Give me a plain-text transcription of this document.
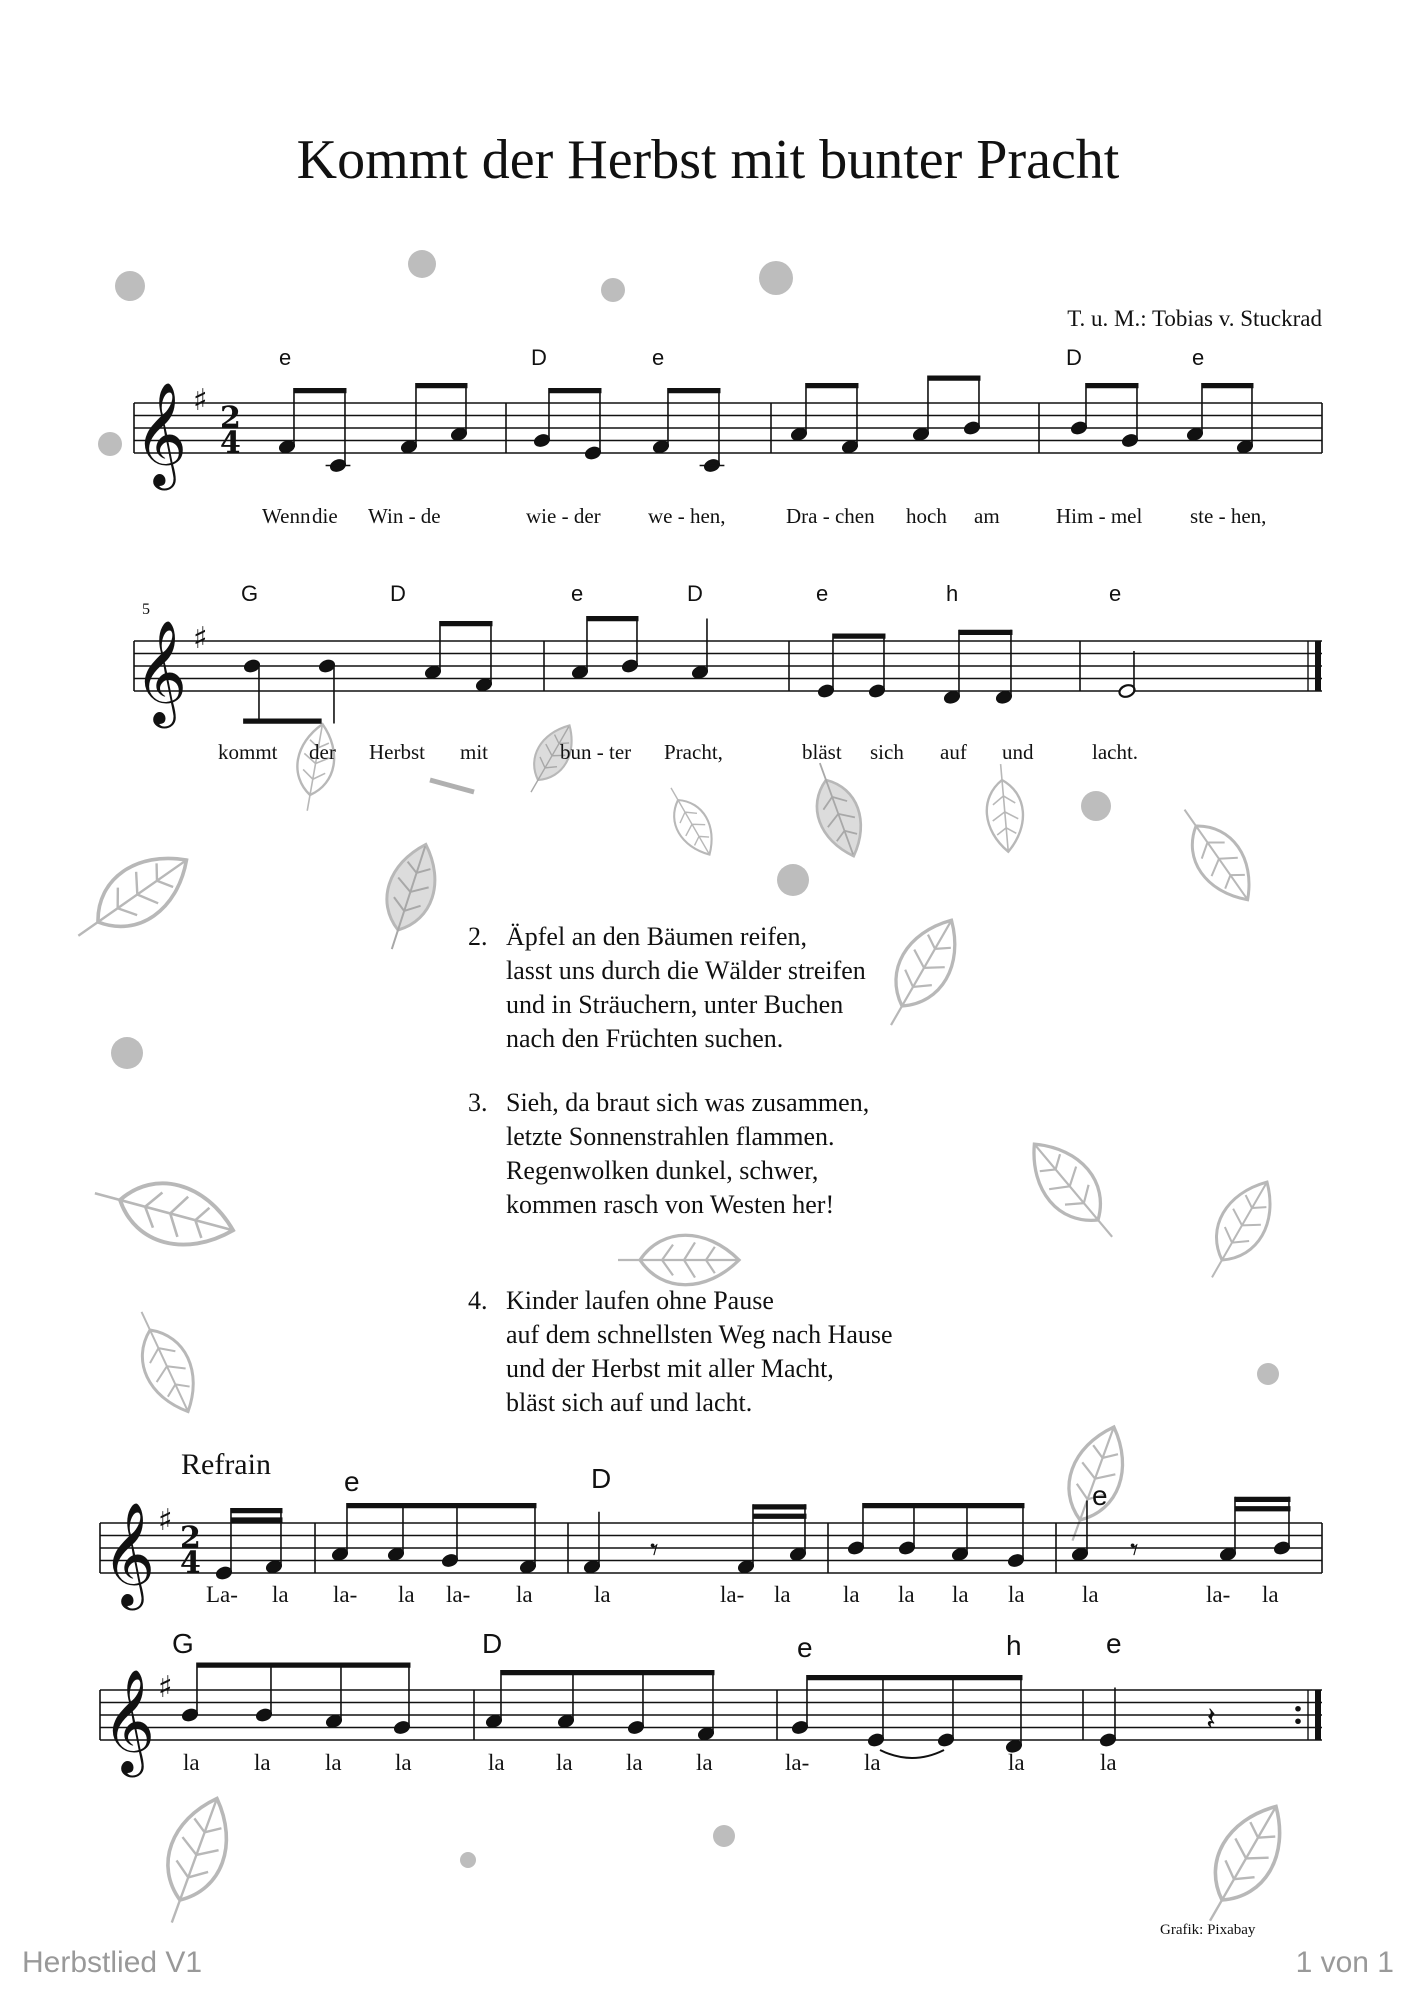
Kommt der Herbst mit bunter Pracht
T. u. M.: Tobias v. Stuckrad
𝄞 ♯ 2
4
𝄞 ♯
𝄞 ♯ 2
4	𝄾	𝄾
𝄞 ♯
𝄽
e	D	e	D	e
Wenn die Win - de	wie - der we - hen,	Dra - chen hoch am	Him - mel ste - hen,
5
G	D	e	D	e	h	e
kommt der Herbst mit	bun - ter Pracht,	bläst sich auf und	lacht.
2. Äpfel an den Bäumen reifen,
lasst uns durch die Wälder streifen
und in Sträuchern, unter Buchen
nach den Früchten suchen.
3. Sieh, da braut sich was zusammen,
letzte Sonnenstrahlen flammen.
Regenwolken dunkel, schwer,
kommen rasch von Westen her!
4. Kinder laufen ohne Pause
auf dem schnellsten Weg nach Hause
und der Herbst mit aller Macht,
bläst sich auf und lacht.
Refrain
e	D
e
La- la la- la la- la	la	la- la la la la la la	la- la
G	D	e	h	e
la la la la	la la la la	la- la	la	la
Grafik: Pixabay
Herbstlied V1	1 von 1
